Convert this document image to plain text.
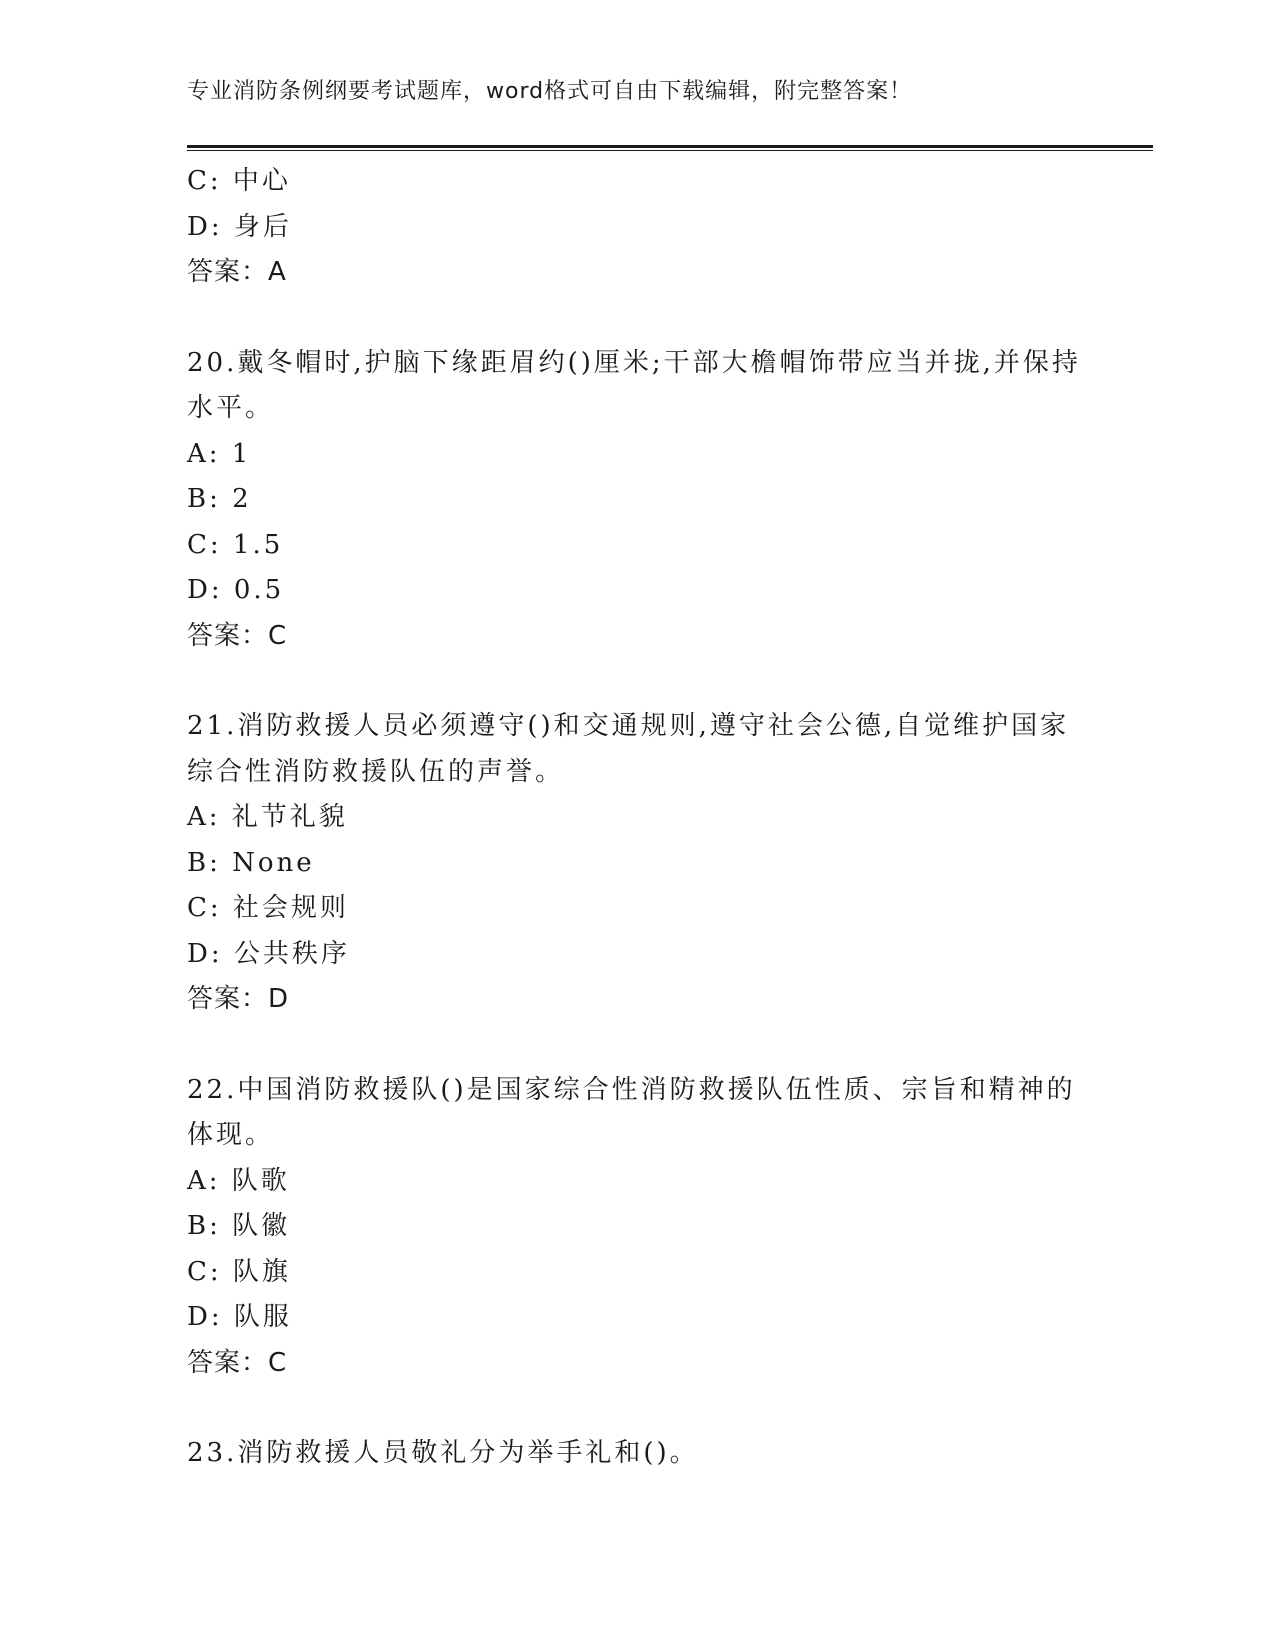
专业消防条例纲要考试题库，word格式可自由下载编辑，附完整答案！
C: 中心
D: 身后
答案：A
20.戴冬帽时,护脑下缘距眉约()厘米;干部大檐帽饰带应当并拢,并保持水平。
A: 1
B: 2
C: 1.5
D: 0.5
答案：C
21.消防救援人员必须遵守()和交通规则,遵守社会公德,自觉维护国家综合性消防救援队伍的声誉。
A: 礼节礼貌
B: None
C: 社会规则
D: 公共秩序
答案：D
22.中国消防救援队()是国家综合性消防救援队伍性质、宗旨和精神的体现。
A: 队歌
B: 队徽
C: 队旗
D: 队服
答案：C
23.消防救援人员敬礼分为举手礼和()。
